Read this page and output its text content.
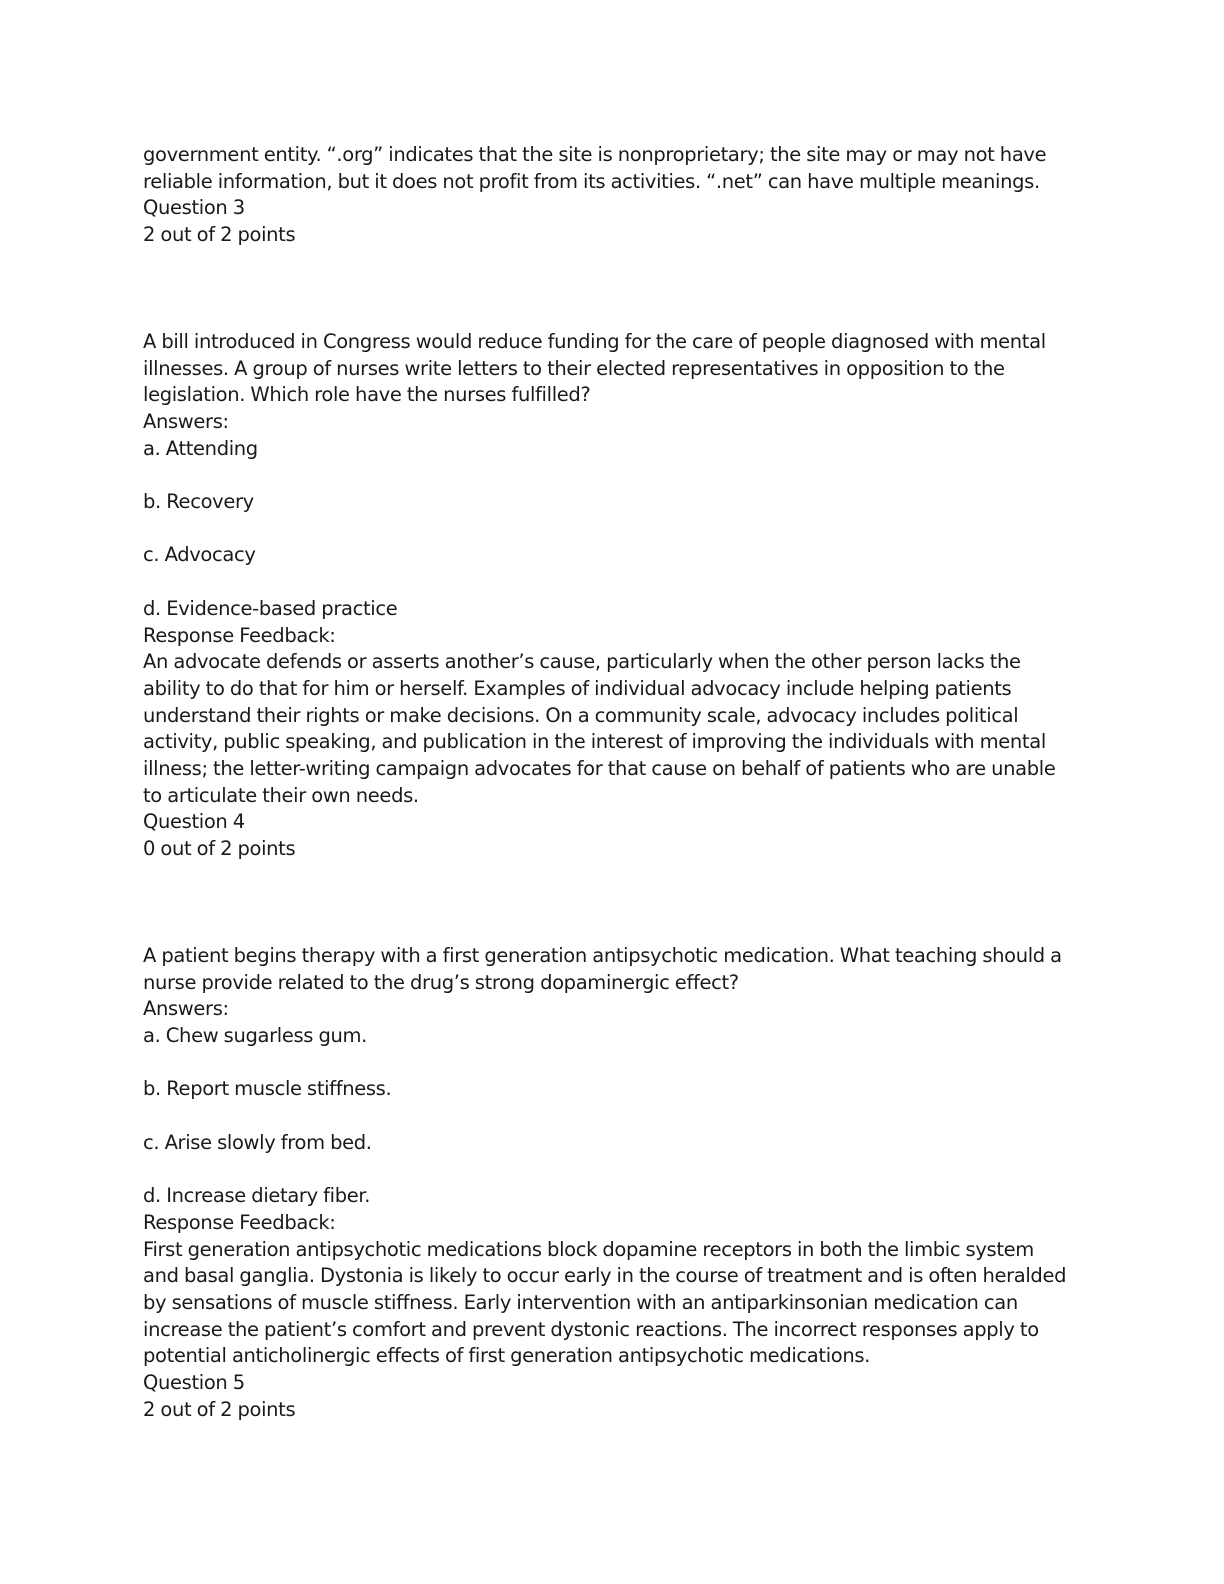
government entity. “.org” indicates that the site is nonproprietary; the site may or may not have reliable information, but it does not profit from its activities. “.net” can have multiple meanings.
Question 3
2 out of 2 points
A bill introduced in Congress would reduce funding for the care of people diagnosed with mental illnesses. A group of nurses write letters to their elected representatives in opposition to the legislation. Which role have the nurses fulfilled?
Answers:
a. Attending
b. Recovery
c. Advocacy
d. Evidence-based practice
Response Feedback:
An advocate defends or asserts another’s cause, particularly when the other person lacks the ability to do that for him or herself. Examples of individual advocacy include helping patients understand their rights or make decisions. On a community scale, advocacy includes political activity, public speaking, and publication in the interest of improving the individuals with mental illness; the letter-writing campaign advocates for that cause on behalf of patients who are unable to articulate their own needs.
Question 4
0 out of 2 points
A patient begins therapy with a first generation antipsychotic medication. What teaching should a nurse provide related to the drug’s strong dopaminergic effect?
Answers:
a. Chew sugarless gum.
b. Report muscle stiffness.
c. Arise slowly from bed.
d. Increase dietary fiber.
Response Feedback:
First generation antipsychotic medications block dopamine receptors in both the limbic system and basal ganglia. Dystonia is likely to occur early in the course of treatment and is often heralded by sensations of muscle stiffness. Early intervention with an antiparkinsonian medication can increase the patient’s comfort and prevent dystonic reactions. The incorrect responses apply to potential anticholinergic effects of first generation antipsychotic medications.
Question 5
2 out of 2 points
